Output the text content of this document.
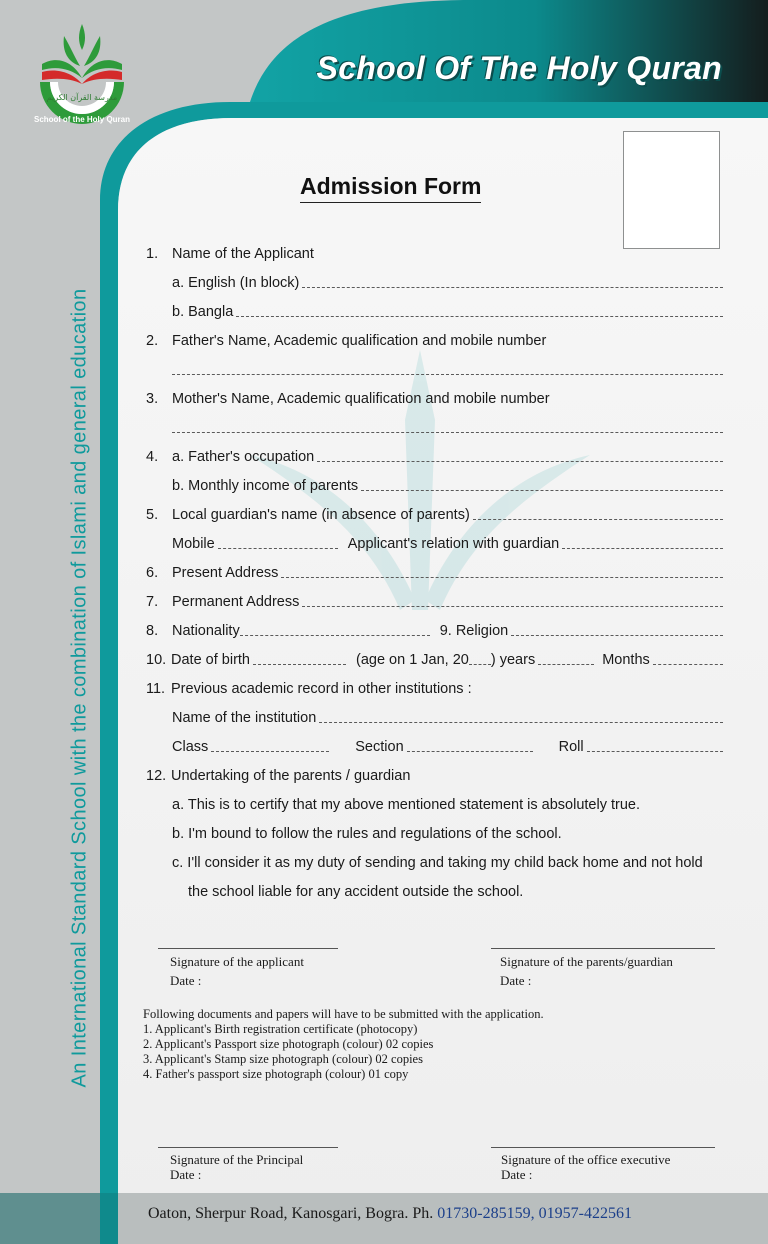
مدرسة القرآن الكريم
School of the Holy Quran
School Of The Holy Quran
An International Standard School with the combination of Islami and general education
Admission Form
1. Name of the Applicant
a. English (In block)
b. Bangla
2. Father's Name, Academic qualification and mobile number
3. Mother's Name, Academic qualification and mobile number
4. a. Father's occupation
b. Monthly income of parents
5. Local guardian's name (in absence of parents)
Mobile	Applicant's relation with guardian
6. Present Address
7. Permanent Address
8. Nationality	9. Religion
10. Date of birth	(age on 1 Jan, 20 ) years	Months
11. Previous academic record in other institutions :
Name of the institution
Class	Section	Roll
12. Undertaking of the parents / guardian
a. This is to certify that my above mentioned statement is absolutely true.
b. I'm bound to follow the rules and regulations of the school.
c. I'll consider it as my duty of sending and taking my child back home and not hold
the school liable for any accident outside the school.
Signature of the applicant
Date :
Signature of the parents/guardian
Date :
Following documents and papers will have to be submitted with the application.
1. Applicant's Birth registration certificate (photocopy)
2. Applicant's Passport size photograph (colour) 02 copies
3. Applicant's Stamp size photograph (colour) 02 copies
4. Father's passport size photograph (colour) 01 copy
Signature of the Principal
Date :
Signature of the office executive
Date :
Oaton, Sherpur Road, Kanosgari, Bogra. Ph. 01730-285159, 01957-422561
